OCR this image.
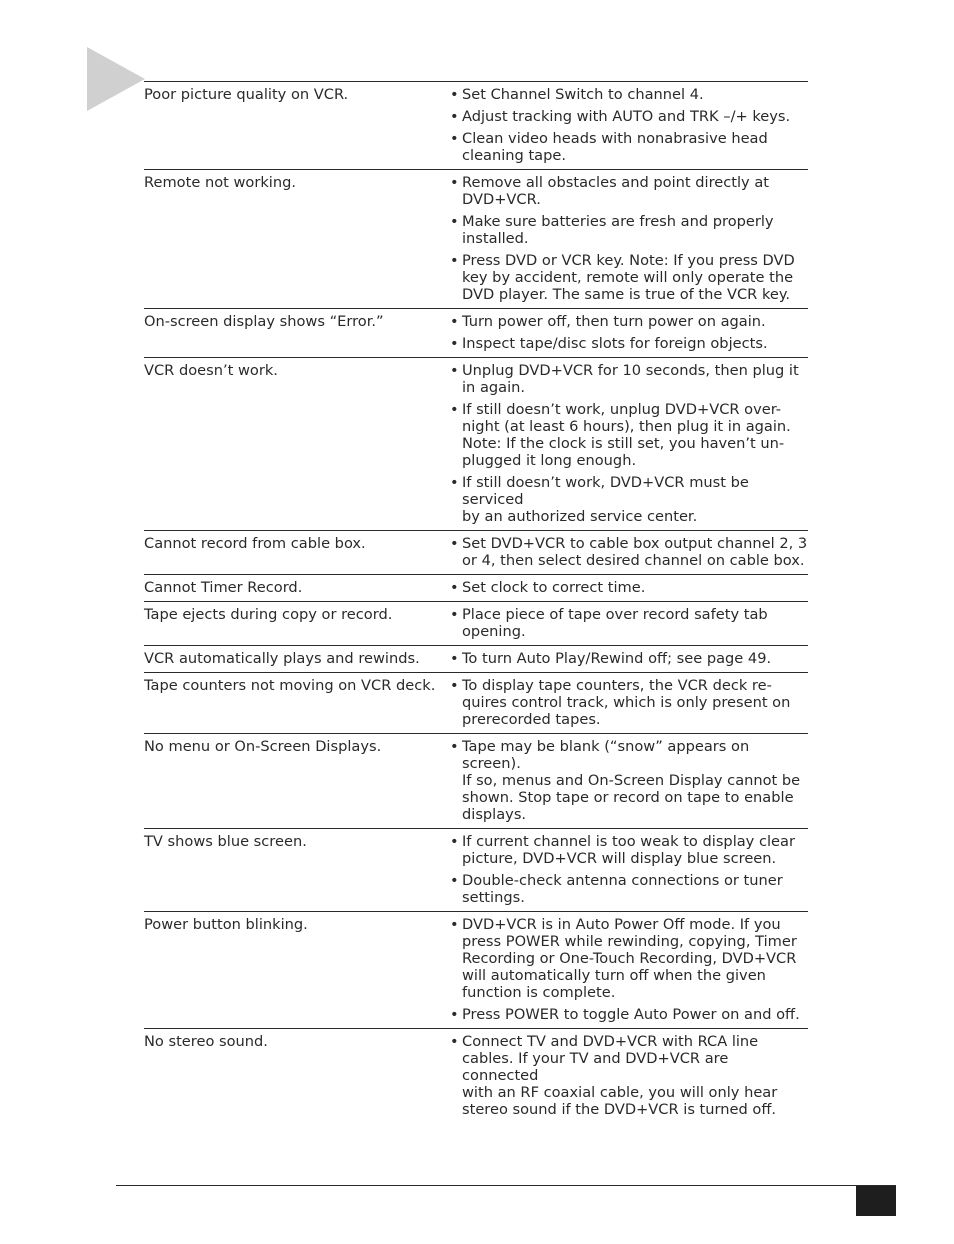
Poor picture quality on VCR.	• Set Channel Switch to channel 4.
• Adjust tracking with AUTO and TRK –/+ keys.
• Clean video heads with nonabrasive head
cleaning tape.
Remote not working.	• Remove all obstacles and point directly at
DVD+VCR.
• Make sure batteries are fresh and properly
installed.
• Press DVD or VCR key. Note: If you press DVD
key by accident, remote will only operate the
DVD player. The same is true of the VCR key.
On-screen display shows “Error.”	• Turn power off, then turn power on again.
• Inspect tape/disc slots for foreign objects.
VCR doesn’t work.	• Unplug DVD+VCR for 10 seconds, then plug it
in again.
• If still doesn’t work, unplug DVD+VCR over-
night (at least 6 hours), then plug it in again.
Note: If the clock is still set, you haven’t un-
plugged it long enough.
• If still doesn’t work, DVD+VCR must be serviced
by an authorized service center.
Cannot record from cable box.	• Set DVD+VCR to cable box output channel 2, 3
or 4, then select desired channel on cable box.
Cannot Timer Record.	• Set clock to correct time.
Tape ejects during copy or record.	• Place piece of tape over record safety tab
opening.
VCR automatically plays and rewinds.	• To turn Auto Play/Rewind off; see page 49.
Tape counters not moving on VCR deck.	• To display tape counters, the VCR deck re-
quires control track, which is only present on
prerecorded tapes.
No menu or On-Screen Displays.	• Tape may be blank (“snow” appears on screen).
If so, menus and On-Screen Display cannot be
shown. Stop tape or record on tape to enable
displays.
TV shows blue screen.	• If current channel is too weak to display clear
picture, DVD+VCR will display blue screen.
• Double-check antenna connections or tuner
settings.
Power button blinking.	• DVD+VCR is in Auto Power Off mode. If you
press POWER while rewinding, copying, Timer
Recording or One-Touch Recording, DVD+VCR
will automatically turn off when the given
function is complete.
• Press POWER to toggle Auto Power on and off.
No stereo sound.	• Connect TV and DVD+VCR with RCA line
cables. If your TV and DVD+VCR are connected
with an RF coaxial cable, you will only hear
stereo sound if the DVD+VCR is turned off.
